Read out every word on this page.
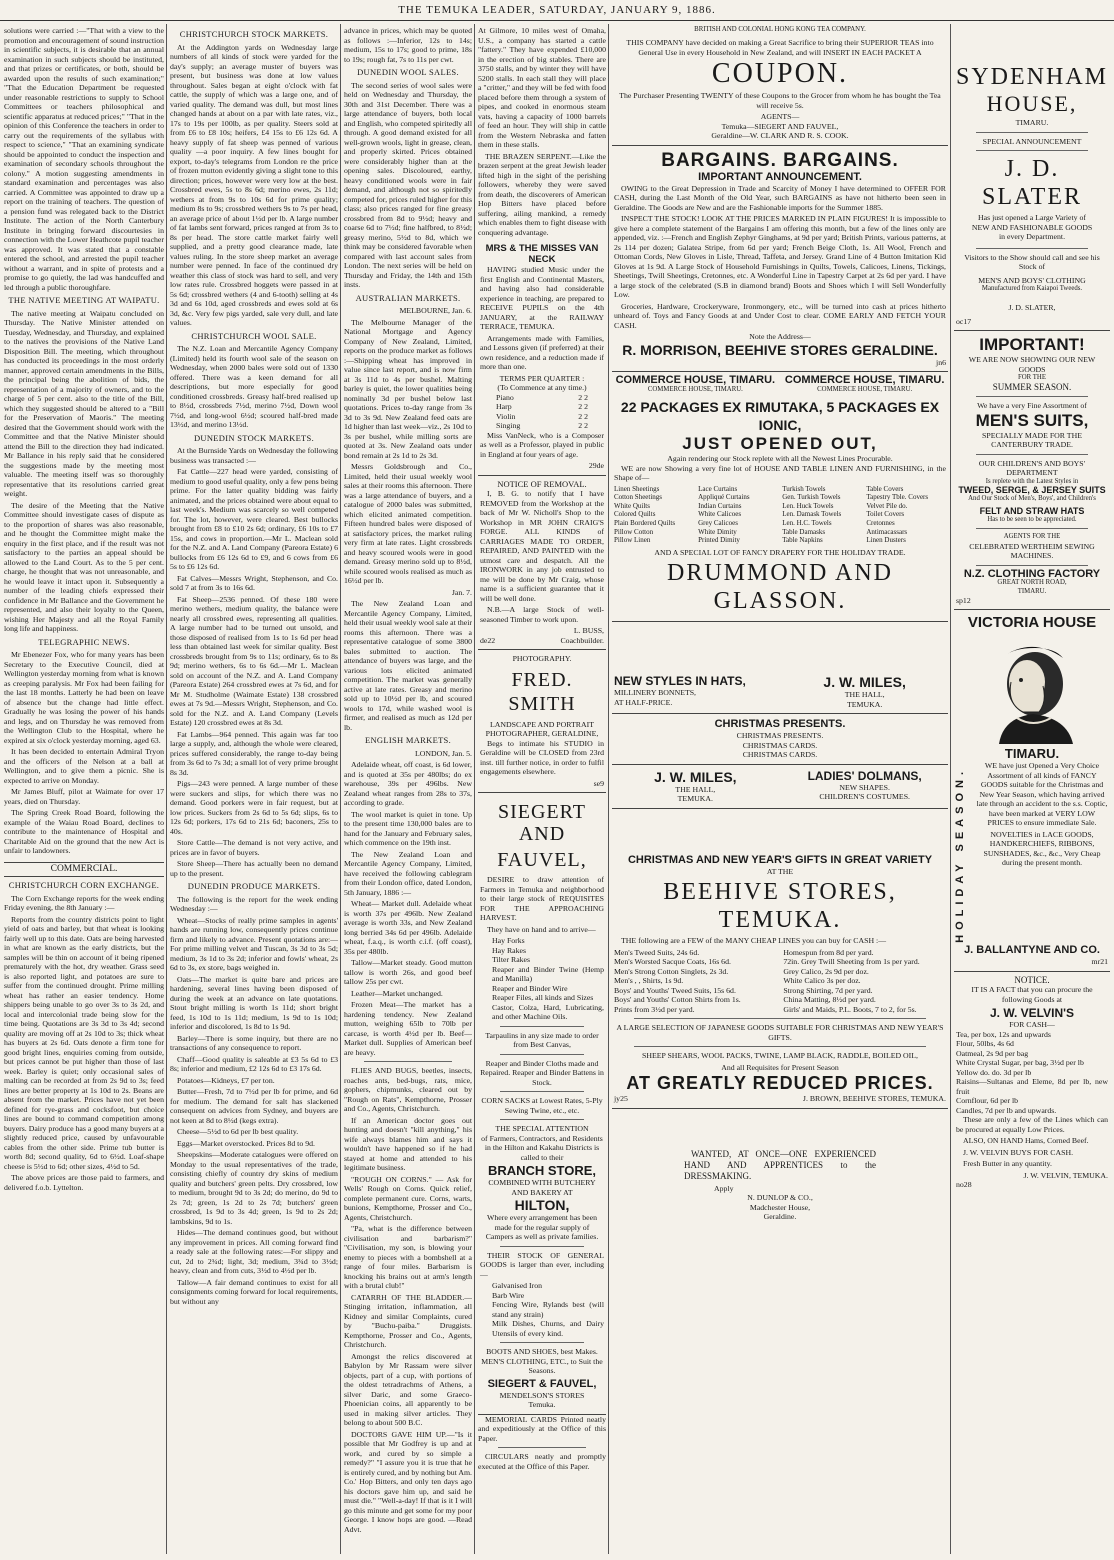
THE TEMUKA LEADER, SATURDAY, JANUARY 9, 1886.

solutions were carried :—"That with a view to the promotion and encouragement of sound instruction in scientific subjects, it is desirable that an annual examination in such subjects should be instituted, and that prizes or certificates, or both, should be awarded upon the results of such examination;" "That the Education Department be requested under reasonable restrictions to supply to School Committees or teachers philosophical and scientific apparatus at reduced prices;" "That in the opinion of this Conference the teachers in order to carry out the requirements of the syllabus with respect to science," "That an examining syndicate should be appointed to conduct the inspection and examination of secondary schools throughout the colony." A motion suggesting amendments in standard examination and percentages was also carried. A Committee was appointed to draw up a report on the training of teachers. The question of a pension fund was relegated back to the District Institute. The action of the North Canterbury Institute in bringing forward discourtesies in connection with the Lower Heathcote pupil teacher was approved. It was stated that a constable entered the school, and arrested the pupil teacher without a warrant, and in spite of protests and a promise to go quietly, the lad was handcuffed and led through a public thoroughfare.

THE NATIVE MEETING AT WAIPATU.

The native meeting at Waipatu concluded on Thursday. The Native Minister attended on Tuesday, Wednesday, and Thursday, and explained to the natives the provisions of the Native Land Disposition Bill. The meeting, which throughout has conducted its proceedings in the most orderly manner, approved certain amendments in the Bills, the principal being the abolition of bids, the representation of a majority of owners, and to the charge of 5 per cent. also to the title of the Bill, which they suggested should be altered to a "Bill for the Preservation of Maoris." The meeting desired that the Government should work with the Committee and that the Native Minister should attend the Bill to the direction they had indicated. Mr Ballance in his reply said that he considered the suggestions made by the meeting most valuable. The meeting itself was so thoroughly representative that its resolutions carried great weight.

The desire of the Meeting that the Native Committee should investigate cases of dispute as to the proportion of shares was also reasonable, and he thought the Committee might make the enquiry in the first place, and if the result was not satisfactory to the parties an appeal should be allowed to the Land Court. As to the 5 per cent. charge, he thought that was not unreasonable, and he would leave it intact upon it. Subsequently a number of the leading chiefs expressed their confidence in Mr Ballance and the Government he represented, and also their loyalty to the Queen, wishing Her Majesty and all the Royal Family long life and happiness.

TELEGRAPHIC NEWS.

Mr Ebenezer Fox, who for many years has been Secretary to the Executive Council, died at Wellington yesterday morning from what is known as creeping paralysis. Mr Fox had been failing for the last 18 months. Latterly he had been on leave of absence but the change had little effect. Gradually he was losing the power of his hands and legs, and on Thursday he was removed from the Wellington Club to the Hospital, where he expired at six o'clock yesterday morning, aged 63.

It has been decided to entertain Admiral Tryon and the officers of the Nelson at a ball at Wellington, and to give them a picnic. She is expected to arrive on Monday.

Mr James Bluff, pilot at Waimate for over 17 years, died on Thursday.

The Spring Creek Road Board, following the example of the Waiau Road Board, declines to contribute to the maintenance of Hospital and Charitable Aid on the ground that the new Act is unfair to landowners.

COMMERCIAL.
CHRISTCHURCH CORN EXCHANGE.

The Corn Exchange reports for the week ending Friday evening, the 8th January :—

Reports from the country districts point to light yield of oats and barley, but that wheat is looking fairly well up to this date. Oats are being harvested in what are known as the early districts, but the samples will be thin on account of it being ripened prematurely with the hot, dry weather. Grass seed is also reported light, and potatoes are sure to suffer from the continued drought. Prime milling wheat has rather an easier tendency. Home shippers being unable to go over 3s to 3s 2d, and local and intercolonial trade being slow for the time being. Quotations are 3s 3d to 3s 4d; second quality are moving off at 2s 10d to 3s; thick wheat has buyers at 2s 6d. Oats denote a firm tone for good bright lines, enquiries coming from outside, but prices cannot be put higher than those of last week. Barley is quiet; only occasional sales of malting can be recorded at from 2s 9d to 3s; feed lines are better property at 1s 10d to 2s. Beans are absent from the market. Prices have not yet been defined for rye-grass and cocksfoot, but choice lines are bound to command competition among buyers. Dairy produce has a good many buyers at a slightly reduced price, caused by unfavourable cables from the other side. Prime tub butter is worth 8d; second quality, 6d to 6½d. Loaf-shape cheese is 5½d to 6d; other sizes, 4½d to 5d.

The above prices are those paid to farmers, and delivered f.o.b. Lyttelton.

CHRISTCHURCH STOCK MARKETS.

At the Addington yards on Wednesday large numbers of all kinds of stock were yarded for the day's supply; an average muster of buyers was present, but business was done at low values throughout. Sales began at eight o'clock with fat cattle, the supply of which was a large one, and of varied quality. The demand was dull, but most lines changed hands at about on a par with late rates, viz., 17s to 19s per 100lb, as per quality. Steers sold at from £6 to £8 10s; heifers, £4 15s to £6 12s 6d. A heavy supply of fat sheep was penned of various quality —a poor inquiry. A few lines bought for export, to-day's telegrams from London re the price of frozen mutton evidently giving a slight tone to this direction; prices, however were very low at the best. Crossbred ewes, 5s to 8s 6d; merino ewes, 2s 11d; wethers at from 9s to 10s 6d for prime quality; medium 8s to 9s; crossbred wethers 9s to 7s per head, an average price of about 1½d per lb. A large number of fat lambs sent forward, prices ranged at from 3s to 8s per head. The store cattle market fairly well supplied, and a pretty good clearance made, late values ruling. In the store sheep market an average number were penned. In face of the continued dry weather this class of stock was hard to sell, and very low rates rule. Crossbred hoggets were passed in at 5s 6d; crossbred wethers (4 and 6-tooth) selling at 4s 3d and 6s 10d, aged crossbreds and ewes sold at 6s 3d, &c. Very few pigs yarded, sale very dull, and late values.

CHRISTCHURCH WOOL SALE.

The N.Z. Loan and Mercantile Agency Company (Limited) held its fourth wool sale of the season on Wednesday, when 2000 bales were sold out of 1330 offered. There was a keen demand for all descriptions, but more especially for good conditioned crossbreds. Greasy half-bred realised up to 8½d, crossbreds 7½d, merino 7½d, Down wool 7½d, and long-wool 6½d; scoured half-bred made 13½d, and merino 13½d.

DUNEDIN STOCK MARKETS.

At the Burnside Yards on Wednesday the following business was transacted :—

Fat Cattle—227 head were yarded, consisting of medium to good useful quality, only a few pens being prime. For the latter quality bidding was fairly animated, and the prices obtained were about equal to last week's. Medium was scarcely so well competed for. The lot, however, were cleared. Best bullocks brought from £8 to £10 2s 6d; ordinary, £6 10s to £7 15s, and cows in proportion.—Mr L. Maclean sold for the N.Z. and A. Land Company (Pareora Estate) 6 bullocks from £6 12s 6d to £9, and 6 cows from £6 5s to £6 12s 6d.

Fat Calves—Messrs Wright, Stephenson, and Co. sold 7 at from 3s to 16s 6d.

Fat Sheep—2536 penned. Of these 180 were merino wethers, medium quality, the balance were nearly all crossbred ewes, representing all qualities. A large number had to be turned out unsold, and those disposed of realised from 1s to 1s 6d per head less than obtained last week for similar quality. Best crossbreds brought from 9s to 11s; ordinary, 6s to 8s 9d; merino wethers, 6s to 6s 6d.—Mr L. Maclean sold on account of the N.Z. and A. Land Company (Pareora Estate) 264 crossbred ewes at 7s 6d, and for Mr M. Studholme (Waimate Estate) 138 crossbred ewes at 7s 9d.—Messrs Wright, Stephenson, and Co. sold for the N.Z. and A. Land Company (Levels Estate) 120 crossbred ewes at 8s 3d.

Fat Lambs—964 penned. This again was far too large a supply, and, although the whole were cleared, prices suffered considerably, the range to-day being from 3s 6d to 7s 3d; a small lot of very prime brought 8s 3d.

Pigs—243 were penned. A large number of these were suckers and slips, for which there was no demand. Good porkers were in fair request, but at low prices. Suckers from 2s 6d to 5s 6d; slips, 6s to 12s 6d; porkers, 17s 6d to 21s 6d; baconers, 25s to 40s.

Store Cattle—The demand is not very active, and prices are in favor of buyers.

Store Sheep—There has actually been no demand up to the present.

DUNEDIN PRODUCE MARKETS.

The following is the report for the week ending Wednesday :—

Wheat—Stocks of really prime samples in agents' hands are running low, consequently prices continue firm and likely to advance. Present quotations are:—For prime milling velvet and Tuscan, 3s 3d to 3s 5d; medium, 3s 1d to 3s 2d; inferior and fowls' wheat, 2s 6d to 3s, ex store, bags weighed in.

Oats—The market is quite bare and prices are hardening, several lines having been disposed of during the week at an advance on late quotations. Stout bright milling is worth 1s 11d; short bright feed, 1s 10d to 1s 11d; medium, 1s 9d to 1s 10d; inferior and discolored, 1s 8d to 1s 9d.

Barley—There is some inquiry, but there are no transactions of any consequence to report.

Chaff—Good quality is saleable at £3 5s 6d to £3 8s; inferior and medium, £2 12s 6d to £3 17s 6d.

Potatoes—Kidneys, £7 per ton.

Butter—Fresh, 7d to 7½d per lb for prime, and 6d for medium. The demand for salt has slackened consequent on advices from Sydney, and buyers are not keen at 8d to 8½d (kegs extra).

Cheese—5½d to 6d per lb best quality.

Eggs—Market overstocked. Prices 8d to 9d.

Sheepskins—Moderate catalogues were offered on Monday to the usual representatives of the trade, consisting chiefly of country dry skins of medium quality and butchers' green pelts. Dry crossbred, low to medium, brought 9d to 3s 2d; do merino, do 9d to 2s 7d; green, 1s 2d to 2s 7d; butchers' green crossbred, 1s 9d to 3s 4d; green, 1s 9d to 2s 2d; lambskins, 9d to 1s.

Hides—The demand continues good, but without any improvement in prices. All coming forward find a ready sale at the following rates:—For slippy and cut, 2d to 2¾d; light, 3d; medium, 3¾d to 3½d; heavy, clean and from cuts, 3½d to 4½d per lb.

Tallow—A fair demand continues to exist for all consignments coming forward for local requirements, but without any

advance in prices, which may be quoted as follows :—Inferior, 12s to 14s; medium, 15s to 17s; good to prime, 18s to 19s; rough fat, 7s to 11s per cwt.

DUNEDIN WOOL SALES.

The second series of wool sales were held on Wednesday and Thursday, the 30th and 31st December. There was a large attendance of buyers, both local and English, who competed spiritedly all through. A good demand existed for all well-grown wools, light in grease, clean, and properly skirted. Prices obtained were considerably higher than at the opening sales. Discoloured, earthy, heavy conditioned wools were in fair demand, and although not so spiritedly competed for, prices ruled higher for this class; also prices ranged for fine greasy crossbred from 8d to 9½d; heavy and coarse 6d to 7½d; fine halfbred, to 8½d; greasy merino, 5½d to 8d, which we think may be considered favorable when compared with last account sales from London. The next series will be held on Thursday and Friday, the 14th and 15th insts.

AUSTRALIAN MARKETS.

MELBOURNE, Jan. 6.

The Melbourne Manager of the National Mortgage and Agency Company of New Zealand, Limited, reports on the produce market as follows :—Shipping wheat has improved in value since last report, and is now firm at 3s 11d to 4s per bushel. Malting barley is quiet, the lower qualities being nominally 3d per bushel below last quotations. Prices to-day range from 3s 3d to 3s 9d. New Zealand feed oats are 1d higher than last week—viz., 2s 10d to 3s per bushel, while milling sorts are quoted at 3s. New Zealand oats under bond remain at 2s 1d to 2s 3d.

Messrs Goldsbrough and Co., Limited, held their usual weekly wool sales at their rooms this afternoon. There was a large attendance of buyers, and a catalogue of 2000 bales was submitted, which elicited animated competition. Fifteen hundred bales were disposed of at satisfactory prices, the market ruling very firm at late rates. Light crossbreds and heavy scoured wools were in good demand. Greasy merino sold up to 8½d, while scoured wools realised as much as 16½d per lb.

Jan. 7.

The New Zealand Loan and Mercantile Agency Company, Limited, held their usual weekly wool sale at their rooms this afternoon. There was a representative catalogue of some 3800 bales submitted to auction. The attendance of buyers was large, and the various lots elicited animated competition. The market was generally active at late rates. Greasy and merino sold up to 10½d per lb, and scoured wools to 17d, while washed wool is firmer, and realised as much as 12d per lb.

ENGLISH MARKETS.

LONDON, Jan. 5.

Adelaide wheat, off coast, is 6d lower, and is quoted at 35s per 480lbs; do ex warehouse, 39s per 496lbs. New Zealand wheat ranges from 28s to 37s, according to grade.

The wool market is quiet in tone. Up to the present time 130,000 bales are to hand for the January and February sales, which commence on the 19th inst.

The New Zealand Loan and Mercantile Agency Company, Limited, have received the following cablegram from their London office, dated London, 5th January, 1886 :—

Wheat— Market dull. Adelaide wheat is worth 37s per 496lb. New Zealand average is worth 33s, and New Zealand long berried 34s 6d per 496lb. Adelaide wheat, f.a.q., is worth c.i.f. (off coast), 35s per 480lb.

Tallow—Market steady. Good mutton tallow is worth 26s, and good beef tallow 25s per cwt.

Leather—Market unchanged.

Frozen Meat—The market has a hardening tendency. New Zealand mutton, weighing 65lb to 70lb per carcase, is worth 4½d per lb. Beef—Market dull. Supplies of American beef are heavy.

FLIES AND BUGS, beetles, insects, roaches ants, bed-bugs, rats, mice, gophers, chipmunks, cleared out by "Rough on Rats", Kempthorne, Prosser and Co., Agents, Christchurch.

If an American doctor goes out hunting and doesn't "kill anything," his wife always blames him and says it wouldn't have happened so if he had stayed at home and attended to his legitimate business.

"ROUGH ON CORNS." — Ask for Wells' Rough on Corns. Quick relief, complete permanent cure. Corns, warts, bunions, Kempthorne, Prosser and Co., Agents, Christchurch.

"Pa, what is the difference between civilisation and barbarism?" "Civilisation, my son, is blowing your enemy to pieces with a bombshell at a range of four miles. Barbarism is knocking his brains out at arm's length with a brutal club!"

CATARRH OF THE BLADDER.—Stinging irritation, inflammation, all Kidney and similar Complaints, cured by "Buchu-paiba." Druggists. Kempthorne, Prosser and Co., Agents, Christchurch.

Amongst the relics discovered at Babylon by Mr Rassam were silver objects, part of a cup, with portions of the oldest tetradrachms of Athens, a silver Daric, and some Graeco-Phoenician coins, all apparently to be used in making silver articles. They belong to about 500 B.C.

DOCTORS GAVE HIM UP.—"Is it possible that Mr Godfrey is up and at work, and cured by so simple a remedy?" "I assure you it is true that he is entirely cured, and by nothing but Am. Co.' Hop Bitters, and only ten days ago his doctors gave him up, and said he must die." "Well-a-day! If that is it I will go this minute and get some for my poor George. I know hops are good. —Read Advt.

At Gilmore, 10 miles west of Omaha, U.S., a company has started a cattle "fattery." They have expended £10,000 in the erection of big stables. There are 3750 stalls, and by winter they will have 5200 stalls. In each stall they will place a "critter," and they will be fed with food placed before them through a system of pipes, and cooked in enormous steam vats, having a capacity of 1000 barrels of feed an hour. They will ship in cattle from the Western Nebraska and fatten them in these stalls.

THE BRAZEN SERPENT.—Like the brazen serpent at the great Jewish leader lifted high in the sight of the perishing followers, whereby they were saved from death, the discoverers of American Hop Bitters have placed before suffering, ailing mankind, a remedy which enables them to fight disease with conquering advantage.

MRS & THE MISSES VAN NECK

HAVING studied Music under the first English and Continental Masters, and having also had considerable experience in teaching, are prepared to RECEIVE PUPILS on the 4th JANUARY, at the RAILWAY TERRACE, TEMUKA.

Arrangements made with Families, and Lessons given (if preferred) at their own residence, and a reduction made if more than one.

TERMS PER QUARTER :
(To Commence at any time.)
Piano	2 2
Harp	2 2
Violin	2 2
Singing	2 2

Miss VanNeck, who is a Composer as well as a Professor, played in public in England at four years of age.

29de
NOTICE OF REMOVAL.

I, B. G. to notify that I have REMOVED from the Workshop at the back of Mr W. Nicholl's Shop to the Workshop in MR JOHN CRAIG'S FORGE. ALL KINDS of CARRIAGES MADE TO ORDER, REPAIRED, AND PAINTED with the utmost care and despatch. All the IRONWORK in any job entrusted to me will be done by Mr Craig, whose name is a sufficient guarantee that it will be well done.

N.B.—A large Stock of well-seasoned Timber to work upon.

L. BUSS,
de22	Coachbuilder.
PHOTOGRAPHY.
FRED. SMITH
LANDSCAPE AND PORTRAIT PHOTOGRAPHER, GERALDINE,

Begs to intimate his STUDIO in Geraldine will be CLOSED from 23rd inst. till further notice, in order to fulfil engagements elsewhere.

se9
SIEGERT AND
FAUVEL,

DESIRE to draw attention of Farmers in Temuka and neighborhood to their large stock of REQUISITES FOR THE APPROACHING HARVEST.

They have on hand and to arrive—

Hay Forks
Hay Rakes
Tilter Rakes
Reaper and Binder Twine (Hemp and Manilla)
Reaper and Binder Wire
Reaper Files, all kinds and Sizes
Castor, Colza, Hard, Lubricating, and other Machine Oils.

Tarpaulins in any size made to order from Best Canvas,

Reaper and Binder Cloths made and Repaired. Reaper and Binder Battens in Stock.

CORN SACKS at Lowest Rates, 5-Ply Sewing Twine, etc., etc.

THE SPECIAL ATTENTION

of Farmers, Contractors, and Residents in the Hilton and Kakahu Districts is called to their

BRANCH STORE,
COMBINED WITH BUTCHERY AND BAKERY AT
HILTON,

Where every arrangement has been made for the regular supply of Campers as well as private families.

THEIR STOCK OF GENERAL GOODS is larger than ever, including—

Galvanised Iron
Barb Wire
Fencing Wire, Rylands best (will stand any strain)
Milk Dishes, Churns, and Dairy Utensils of every kind.

BOOTS AND SHOES, best Makes. MEN'S CLOTHING, ETC., to Suit the Seasons.

SIEGERT & FAUVEL,
MENDELSON'S STORES
Temuka.

MEMORIAL CARDS Printed neatly and expeditiously at the Office of this Paper.

CIRCULARS neatly and promptly executed at the Office of this Paper.

BRITISH AND COLONIAL HONG KONG TEA COMPANY.

THIS COMPANY have decided on making a Great Sacrifice to bring their SUPERIOR TEAS into General Use in every Household in New Zealand, and will INSERT IN EACH PACKET A

COUPON.

The Purchaser Presenting TWENTY of these Coupons to the Grocer from whom he has bought the Tea will receive 5s.

AGENTS—
Temuka—SIEGERT AND FAUVEL,
Geraldine—W. CLARK AND R. S. COOK.
BARGAINS. BARGAINS.
IMPORTANT ANNOUNCEMENT.

OWING to the Great Depression in Trade and Scarcity of Money I have determined to OFFER FOR CASH, during the Last Month of the Old Year, such BARGAINS as have not hitherto been seen in Geraldine. The Goods are New and are the Fashionable imports for the Summer 1885.

INSPECT THE STOCK! LOOK AT THE PRICES MARKED IN PLAIN FIGURES! It is impossible to give here a complete statement of the Bargains I am offering this month, but a few of the lines only are appended, viz. :—French and English Zephyr Ginghams, at 9d per yard; British Prints, various patterns, at 2s 114 per dozen; Galatea Stripe, from 6d per yard; French Beige Cloth, 1s. All Wool, French and Ottoman Cords, New Gloves in Lisle, Thread, Taffeta, and Jersey. Grand Line of 4 Button Imitation Kid Gloves at 1s 9d. A Large Stock of Household Furnishings in Quilts, Towels, Calicoes, Linens, Tickings, Sheetings, Twill Sheetings, Cretonnes, etc. A Wonderful Line in Tapestry Carpet at 2s 6d per yard. I have a large stock of the celebrated (S.B in diamond brand) Boots and Shoes which I will Sell Wonderfully Low.

Groceries, Hardware, Crockeryware, Ironmongery, etc., will be turned into cash at prices hitherto unheard of. Toys and Fancy Goods at and Under Cost to clear. COME EARLY AND FETCH YOUR CASH.

Note the Address—
R. MORRISON, BEEHIVE STORES GERALDINE.
jn6
COMMERCE HOUSE, TIMARU. COMMERCE HOUSE, TIMARU.
COMMERCE HOUSE, TIMARU.	COMMERCE HOUSE, TIMARU.
22 PACKAGES EX RIMUTAKA, 5 PACKAGES EX IONIC,
JUST OPENED OUT,
Again rendering our Stock replete with all the Newest Lines Procurable.

WE are now Showing a very fine lot of HOUSE AND TABLE LINEN AND FURNISHING, in the Shape of—

Linen Sheetings
Cotton Sheetings
White Quilts
Colored Quilts
Plain Bordered Quilts
Pillow Cotton
Pillow Linen
Lace Curtains
Appliqué Curtains
Indian Curtains
White Calicoes
Grey Calicoes
White Dimity
Printed Dimity
Turkish Towels
Gen. Turkish Towels
Len. Huck Towels
Len. Damask Towels
Len. H.C. Towels
Table Damasks
Table Napkins
Table Covers
Tapestry Tble. Covers
Velvet Pile do.
Toilet Covers
Cretonnes
Antimacassars
Linen Dusters
AND A SPECIAL LOT OF FANCY DRAPERY FOR THE HOLIDAY TRADE.
DRUMMOND AND GLASSON.
NEW STYLES IN HATS,
MILLINERY BONNETS,
AT HALF-PRICE.
J. W. MILES,
THE HALL,
TEMUKA.
CHRISTMAS PRESENTS.
CHRISTMAS PRESENTS.
CHRISTMAS CARDS.
CHRISTMAS CARDS.
J. W. MILES,
THE HALL,
TEMUKA.
LADIES' DOLMANS,
NEW SHAPES.
CHILDREN'S COSTUMES.
CHRISTMAS AND NEW YEAR'S GIFTS IN GREAT VARIETY
AT THE
BEEHIVE STORES, TEMUKA.

THE following are a FEW of the MANY CHEAP LINES you can buy for CASH :—

Men's Tweed Suits, 24s 6d.
Men's Worsted Sacque Coats, 16s 6d.
Men's Strong Cotton Singlets, 2s 3d.
Men's , , Shirts, 1s 9d.
Boys' and Youths' Tweed Suits, 15s 6d.
Boys' and Youths' Cotton Shirts from 1s.
Prints from 3½d per yard.
Homespun from 8d per yard.
72in. Grey Twill Sheeting from 1s per yard.
Grey Calico, 2s 9d per doz.
White Calico 3s per doz.
Strong Shirting, 7d per yard.
China Matting, 8½d per yard.
Girls' and Maids, P.L. Boots, 7 to 2, for 5s.

A LARGE SELECTION OF JAPANESE GOODS SUITABLE FOR CHRISTMAS AND NEW YEAR'S GIFTS.

SHEEP SHEARS, WOOL PACKS, TWINE, LAMP BLACK, RADDLE, BOILED OIL,

And all Requisites for Present Season
AT GREATLY REDUCED PRICES.
jy25	J. BROWN, BEEHIVE STORES, TEMUKA.

WANTED, AT ONCE—ONE EXPERIENCED HAND AND APPRENTICES to the DRESSMAKING.

Apply
N. DUNLOP & CO.,
Madchester House,
Geraldine.
SYDENHAM
HOUSE,
TIMARU.
SPECIAL ANNOUNCEMENT
J. D. SLATER
Has just opened a Large Variety of
NEW AND FASHIONABLE GOODS
in every Department.
Visitors to the Show should call and see his Stock of
MEN'S AND BOYS' CLOTHING
Manufactured from Kaiapoi Tweeds.
J. D. SLATER,
oc17
IMPORTANT!
WE ARE NOW SHOWING OUR NEW GOODS
FOR THE
SUMMER SEASON.
We have a very Fine Assortment of
MEN'S SUITS,
SPECIALLY MADE FOR THE CANTERBURY TRADE.
OUR CHILDREN'S AND BOYS' DEPARTMENT
Is replete with the Latest Styles in
TWEED, SERGE, & JERSEY SUITS
And Our Stock of Men's, Boys', and Children's
FELT AND STRAW HATS
Has to be seen to be appreciated.
AGENTS FOR THE
CELEBRATED WERTHEIM SEWING MACHINES.
N.Z. CLOTHING FACTORY
GREAT NORTH ROAD,
TIMARU.
sp12
VICTORIA HOUSE
TIMARU.
HOLIDAY SEASON.

WE have just Opened a Very Choice Assortment of all kinds of FANCY GOODS suitable for the Christmas and New Year Season, which having arrived late through an accident to the s.s. Coptic, have been marked at VERY LOW PRICES to ensure immediate Sale.

NOVELTIES in LACE GOODS, HANDKERCHIEFS, RIBBONS, SUNSHADES, &c., &c., Very Cheap during the present month.

J. BALLANTYNE AND CO.
mr21
NOTICE.

IT IS A FACT that you can procure the following Goods at

J. W. VELVIN'S
FOR CASH—
Tea, per box, 12s and upwards
Flour, 50lbs, 4s 6d
Oatmeal, 2s 9d per bag
White Crystal Sugar, per bag, 3½d per lb
Yellow do. do. 3d per lb
Raisins—Sultanas and Eleme, 8d per lb, new fruit
Cornflour, 6d per lb
Candles, 7d per lb and upwards.

These are only a few of the Lines which can be procured at equally Low Prices.

ALSO, ON HAND Hams, Corned Beef.

J. W. VELVIN BUYS FOR CASH.

Fresh Butter in any quantity.

J. W. VELVIN, TEMUKA.
no28
